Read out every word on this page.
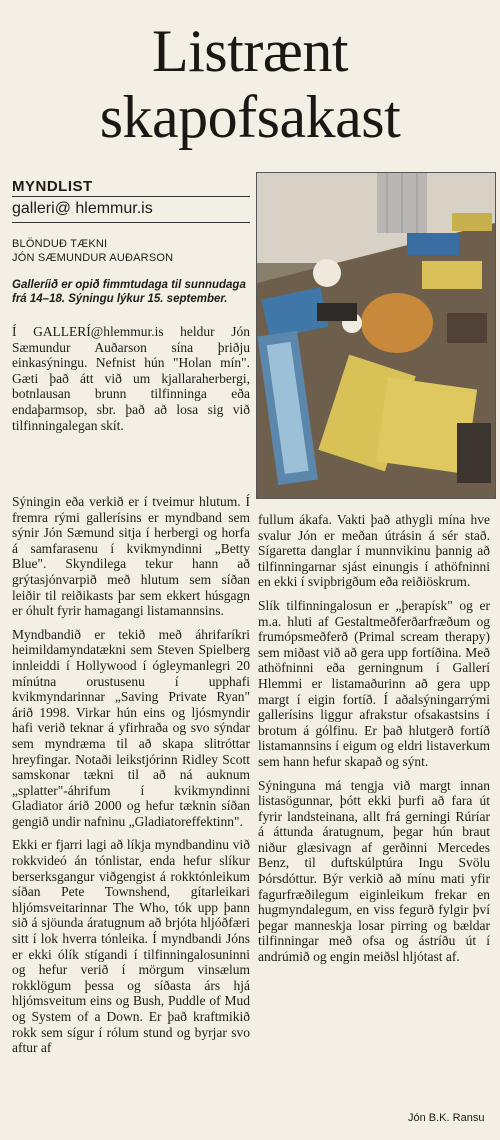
Listrænt
skapofsakast
MYNDLIST
galleri@ hlemmur.is
BLÖNDUÐ TÆKNI
JÓN SÆMUNDUR AUÐARSON
Galleríið er opið fimmtudaga til sunnudaga frá 14–18. Sýningu lýkur 15. september.

Í GALLERÍ@hlemmur.is heldur Jón Sæmundur Auðarson sína þriðju einkasýningu. Nefnist hún "Holan mín". Gæti það átt við um kjallaraherbergi, botnlausan brunn tilfinninga eða endaþarmsop, sbr. það að losa sig við tilfinningalegan skít.

Sýningin eða verkið er í tveimur hlutum. Í fremra rými gallerísins er myndband sem sýnir Jón Sæmund sitja í herbergi og horfa á samfarasenu í kvikmyndinni „Betty Blue". Skyndilega tekur hann að grýtasjónvarpið með hlutum sem síðan leiðir til reiðikasts þar sem ekkert húsgagn er óhult fyrir hamagangi listamannsins.

Myndbandið er tekið með áhrifaríkri heimildamyndatækni sem Steven Spielberg innleiddi í Hollywood í ógleymanlegri 20 mínútna orustusenu í upphafi kvikmyndarinnar „Saving Private Ryan" árið 1998. Virkar hún eins og ljósmyndir hafi verið teknar á yfirhraða og svo sýndar sem myndræma til að skapa slitróttar hreyfingar. Notaði leikstjórinn Ridley Scott samskonar tækni til að ná auknum „splatter"-áhrifum í kvikmyndinni Gladiator árið 2000 og hefur tæknin síðan gengið undir nafninu „Gladiatoreffektinn".

Ekki er fjarri lagi að líkja myndbandinu við rokkvideó án tónlistar, enda hefur slíkur berserksgangur viðgengist á rokktónleikum síðan Pete Townshend, gítarleikari hljómsveitarinnar The Who, tók upp þann sið á sjöunda áratugnum að brjóta hljóðfæri sitt í lok hverra tónleika. Í myndbandi Jóns er ekki ólík stígandi í tilfinningalosuninni og hefur verið í mörgum vinsælum rokklögum þessa og síðasta árs hjá hljómsveitum eins og Bush, Puddle of Mud og System of a Down. Er það kraftmikið rokk sem sígur í rólum stund og byrjar svo aftur af

fullum ákafa. Vakti það athygli mína hve svalur Jón er meðan útrásin á sér stað. Sígaretta danglar í munnvikinu þannig að tilfinningarnar sjást einungis í athöfninni en ekki í svipbrigðum eða reiðiöskrum.

Slík tilfinningalosun er „þerapísk" og er m.a. hluti af Gestaltmeðferðarfræðum og frumópsmeðferð (Primal scream therapy) sem miðast við að gera upp fortíðina. Með athöfninni eða gerningnum í Gallerí Hlemmi er listamaðurinn að gera upp margt í eigin fortíð. Í aðalsýningarrými gallerísins liggur afrakstur ofsakastsins í brotum á gólfinu. Er það hlutgerð fortíð listamannsins í eigum og eldri listaverkum sem hann hefur skapað og sýnt.

Sýninguna má tengja við margt innan listasögunnar, þótt ekki þurfi að fara út fyrir landsteinana, allt frá gerningi Rúríar á áttunda áratugnum, þegar hún braut niður glæsivagn af gerðinni Mercedes Benz, til duftskúlptúra Ingu Svölu Þórsdóttur. Býr verkið að mínu mati yfir fagurfræðilegum eiginleikum frekar en hugmyndalegum, en viss fegurð fylgir því þegar manneskja losar pirring og bældar tilfinningar með ofsa og ástríðu út í andrúmið og engin meiðsl hljótast af.

Jón B.K. Ransu
